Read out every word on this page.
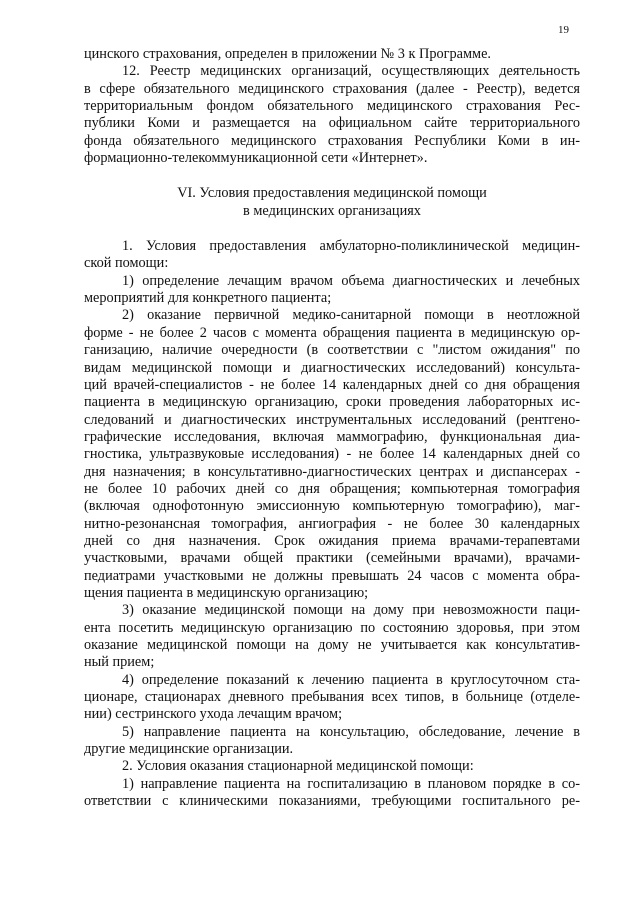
19
цинского страхования, определен в приложении № 3 к Программе.
12. Реестр медицинских организаций, осуществляющих деятельность
в сфере обязательного медицинского страхования (далее - Реестр), ведется
территориальным фондом обязательного медицинского страхования Рес-
публики Коми и размещается на официальном сайте территориального
фонда обязательного медицинского страхования Республики Коми в ин-
формационно-телекоммуникационной сети «Интернет».
VI. Условия предоставления медицинской помощи
в медицинских организациях
1. Условия предоставления амбулаторно-поликлинической медицин-
ской помощи:
1) определение лечащим врачом объема диагностических и лечебных
мероприятий для конкретного пациента;
2) оказание первичной медико-санитарной помощи в неотложной
форме - не более 2 часов с момента обращения пациента в медицинскую ор-
ганизацию, наличие очередности (в соответствии с "листом ожидания" по
видам медицинской помощи и диагностических исследований) консульта-
ций врачей-специалистов - не более 14 календарных дней со дня обращения
пациента в медицинскую организацию, сроки проведения лабораторных ис-
следований и диагностических инструментальных исследований (рентгено-
графические исследования, включая маммографию, функциональная диа-
гностика, ультразвуковые исследования) - не более 14 календарных дней со
дня назначения; в консультативно-диагностических центрах и диспансерах -
не более 10 рабочих дней со дня обращения; компьютерная томография
(включая однофотонную эмиссионную компьютерную томографию), маг-
нитно-резонансная томография, ангиография - не более 30 календарных
дней со дня назначения. Срок ожидания приема врачами-терапевтами
участковыми, врачами общей практики (семейными врачами), врачами-
педиатрами участковыми не должны превышать 24 часов с момента обра-
щения пациента в медицинскую организацию;
3) оказание медицинской помощи на дому при невозможности паци-
ента посетить медицинскую организацию по состоянию здоровья, при этом
оказание медицинской помощи на дому не учитывается как консультатив-
ный прием;
4) определение показаний к лечению пациента в круглосуточном ста-
ционаре, стационарах дневного пребывания всех типов, в больнице (отделе-
нии) сестринского ухода лечащим врачом;
5) направление пациента на консультацию, обследование, лечение в
другие медицинские организации.
2. Условия оказания стационарной медицинской помощи:
1) направление пациента на госпитализацию в плановом порядке в со-
ответствии с клиническими показаниями, требующими госпитального ре-
